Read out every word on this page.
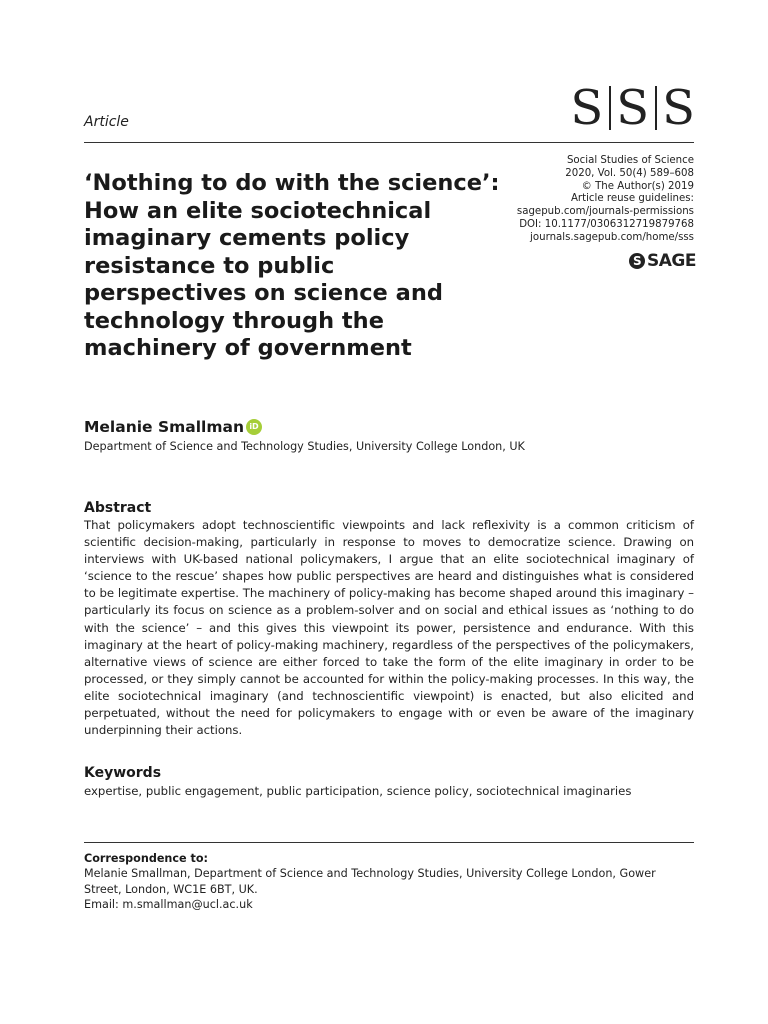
Article	S S S
‘Nothing to do with the science’: How an elite sociotechnical imaginary cements policy resistance to public perspectives on science and technology through the machinery of government
Social Studies of Science
2020, Vol. 50(4) 589–608
© The Author(s) 2019
Article reuse guidelines:
sagepub.com/journals-permissions
DOI: 10.1177/0306312719879768
journals.sagepub.com/home/sss
S SAGE
Melanie Smallman iD
Department of Science and Technology Studies, University College London, UK
Abstract

That policymakers adopt technoscientific viewpoints and lack reflexivity is a common criticism of scientific decision-making, particularly in response to moves to democratize science. Drawing on interviews with UK-based national policymakers, I argue that an elite sociotechnical imaginary of ‘science to the rescue’ shapes how public perspectives are heard and distinguishes what is considered to be legitimate expertise. The machinery of policy-making has become shaped around this imaginary – particularly its focus on science as a problem-solver and on social and ethical issues as ‘nothing to do with the science’ – and this gives this viewpoint its power, persistence and endurance. With this imaginary at the heart of policy-making machinery, regardless of the perspectives of the policymakers, alternative views of science are either forced to take the form of the elite imaginary in order to be processed, or they simply cannot be accounted for within the policy-making processes. In this way, the elite sociotechnical imaginary (and technoscientific viewpoint) is enacted, but also elicited and perpetuated, without the need for policymakers to engage with or even be aware of the imaginary underpinning their actions.

Keywords
expertise, public engagement, public participation, science policy, sociotechnical imaginaries
Correspondence to:

Melanie Smallman, Department of Science and Technology Studies, University College London, Gower Street, London, WC1E 6BT, UK.

Email: m.smallman@ucl.ac.uk
